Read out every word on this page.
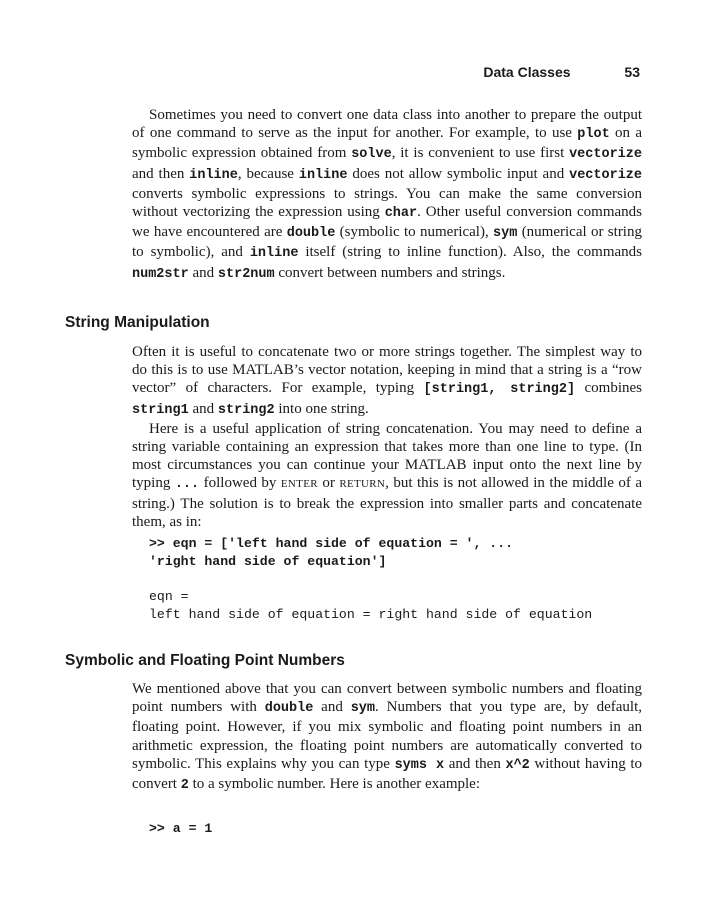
Data Classes	53

Sometimes you need to convert one data class into another to prepare the output of one command to serve as the input for another. For example, to use plot on a symbolic expression obtained from solve, it is convenient to use first vectorize and then inline, because inline does not allow symbolic input and vectorize converts symbolic expressions to strings. You can make the same conversion without vectorizing the expression using char. Other useful conversion commands we have encountered are double (symbolic to numerical), sym (numerical or string to symbolic), and inline itself (string to inline function). Also, the commands num2str and str2num convert between numbers and strings.

String Manipulation

Often it is useful to concatenate two or more strings together. The simplest way to do this is to use MATLAB’s vector notation, keeping in mind that a string is a “row vector” of characters. For example, typing [string1, string2] combines string1 and string2 into one string.

Here is a useful application of string concatenation. You may need to define a string variable containing an expression that takes more than one line to type. (In most circumstances you can continue your MATLAB input onto the next line by typing ... followed by ENTER or RETURN, but this is not allowed in the middle of a string.) The solution is to break the expression into smaller parts and concatenate them, as in:

>> eqn = ['left hand side of equation = ', ...
'right hand side of equation']

eqn =
left hand side of equation = right hand side of equation

Symbolic and Floating Point Numbers

We mentioned above that you can convert between symbolic numbers and floating point numbers with double and sym. Numbers that you type are, by default, floating point. However, if you mix symbolic and floating point numbers in an arithmetic expression, the floating point numbers are automatically converted to symbolic. This explains why you can type syms x and then x^2 without having to convert 2 to a symbolic number. Here is another example:

>> a = 1
